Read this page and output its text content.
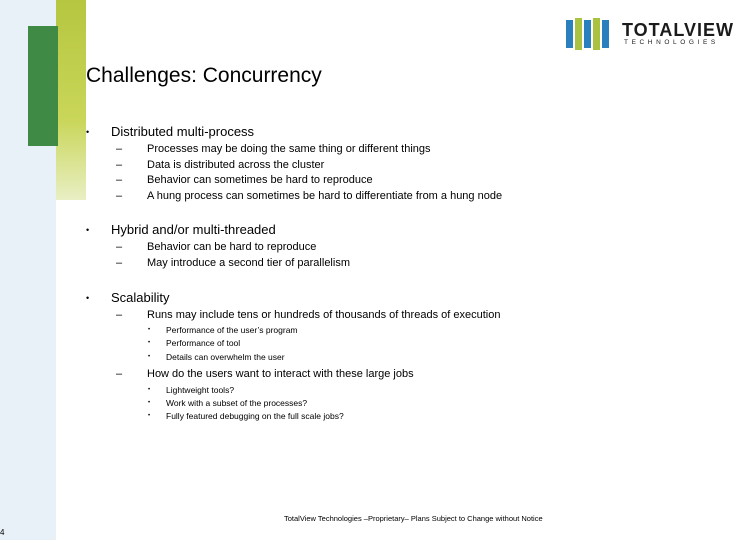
TOTALVIEW
TECHNOLOGIES
Challenges: Concurrency
• Distributed multi-process
– Processes may be doing the same thing or different things
– Data is distributed across the cluster
– Behavior can sometimes be hard to reproduce
– A hung process can sometimes be hard to differentiate from a hung node
• Hybrid and/or multi-threaded
– Behavior can be hard to reproduce
– May introduce a second tier of parallelism
• Scalability
– Runs may include tens or hundreds of thousands of threads of execution
• Performance of the user’s program
• Performance of tool
• Details can overwhelm the user
– How do the users want to interact with these large jobs
• Lightweight tools?
• Work with a subset of the processes?
• Fully featured debugging on the full scale jobs?
TotalView Technologies –Proprietary– Plans Subject to Change without Notice
4
